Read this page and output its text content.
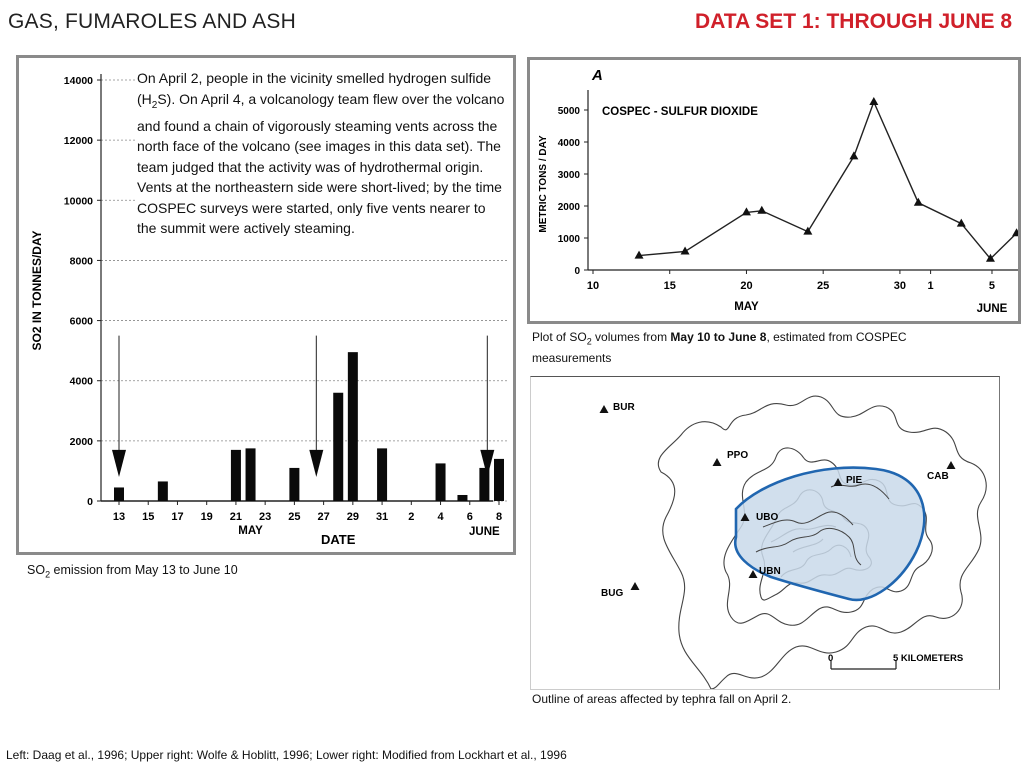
GAS, FUMAROLES AND ASH	DATA SET 1: THROUGH JUNE 8
0
2000
4000
6000
8000
10000
12000
14000
SO2 IN TONNES/DAY
13 15 17 19 21 23 25 27 29 31 2 4 6 8
MAY	JUNE
DATE
On April 2, people in the vicinity smelled hydrogen sulfide $(H_2S)$. On April 4, a volcanology team flew over the volcano and found a chain of vigorously steaming vents across the north face of the volcano (see images in this data set). The team judged that the activity was of hydrothermal origin. Vents at the northeastern side were short-lived; by the time COSPEC surveys were started, only five vents nearer to the summit were actively steaming.
$SO_2$ emission from May 13 to June 10
A
COSPEC - SULFUR DIOXIDE
0
1000
2000
3000
4000
5000
METRIC TONS / DAY
10	15	20	25	30 1	5
MAY	JUNE
Plot of $SO_2$ volumes from May 10 to June 8, estimated from COSPEC measurements
BUR
PPO
PIE	CAB
UBO
UBN
BUG
0	5 KILOMETERS
Outline of areas affected by tephra fall on April 2.
Left: Daag et al., 1996; Upper right: Wolfe & Hoblitt, 1996; Lower right: Modified from Lockhart et al., 1996
